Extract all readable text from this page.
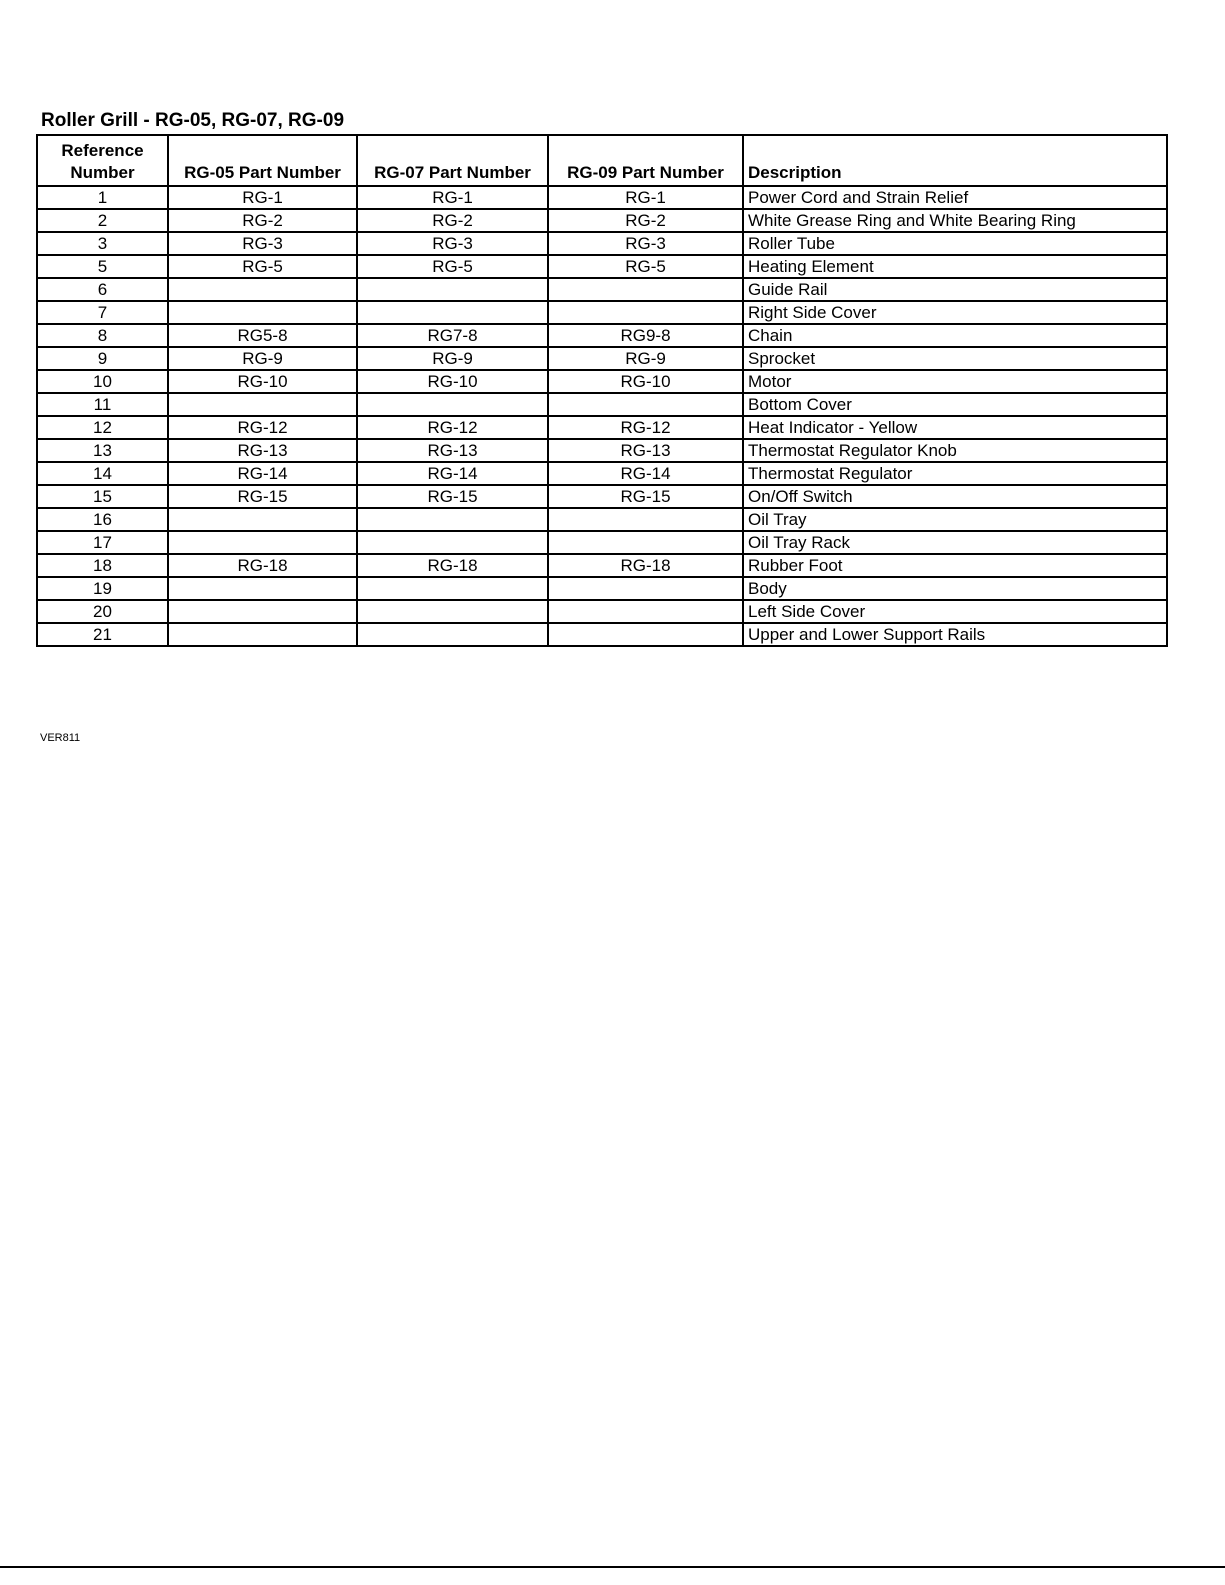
Roller Grill - RG-05, RG-07, RG-09
Reference
Number	RG-05 Part Number	RG-07 Part Number	RG-09 Part Number	Description
1	RG-1	RG-1	RG-1	Power Cord and Strain Relief
2	RG-2	RG-2	RG-2	White Grease Ring and White Bearing Ring
3	RG-3	RG-3	RG-3	Roller Tube
5	RG-5	RG-5	RG-5	Heating Element
6				Guide Rail
7				Right Side Cover
8	RG5-8	RG7-8	RG9-8	Chain
9	RG-9	RG-9	RG-9	Sprocket
10	RG-10	RG-10	RG-10	Motor
11				Bottom Cover
12	RG-12	RG-12	RG-12	Heat Indicator - Yellow
13	RG-13	RG-13	RG-13	Thermostat Regulator Knob
14	RG-14	RG-14	RG-14	Thermostat Regulator
15	RG-15	RG-15	RG-15	On/Off Switch
16				Oil Tray
17				Oil Tray Rack
18	RG-18	RG-18	RG-18	Rubber Foot
19				Body
20				Left Side Cover
21				Upper and Lower Support Rails
VER811
